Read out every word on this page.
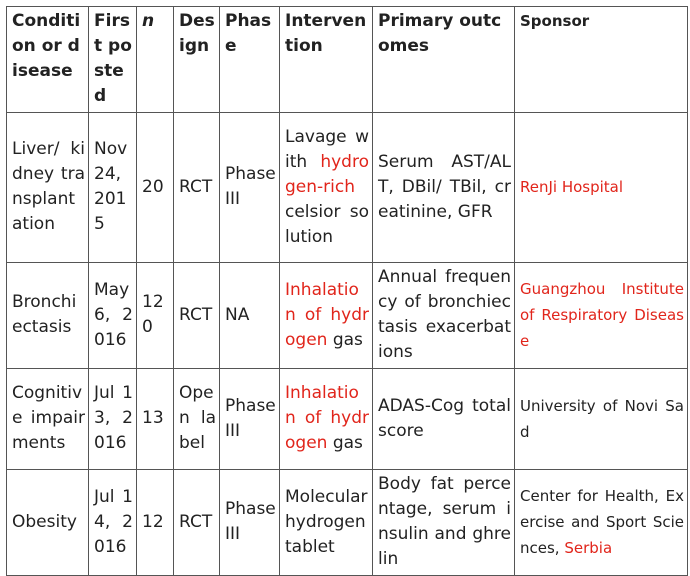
Condition or disease	First posted	n	Design	Phase	Intervention	Primary outcomes	Sponsor
Liver/ kidney transplantation	Nov 24, 2015	20	RCT	Phase III	Lavage with hydrogen-rich celsior solution	Serum AST/ALT, DBil/ TBil, creatinine, GFR	RenJi Hospital
Bronchiectasis	May 6, 2016	120	RCT	NA	Inhalation of hydrogen gas	Annual frequency of bronchiectasis exacerbations	Guangzhou Institute of Respiratory Disease
Cognitive impairments	Jul 13, 2016	13	Open label	Phase III	Inhalation of hydrogen gas	ADAS-Cog total score	University of Novi Sad
Obesity	Jul 14, 2016	12	RCT	Phase III	Molecular hydrogen tablet	Body fat percentage, serum insulin and ghrelin	Center for Health, Exercise and Sport Sciences, Serbia
